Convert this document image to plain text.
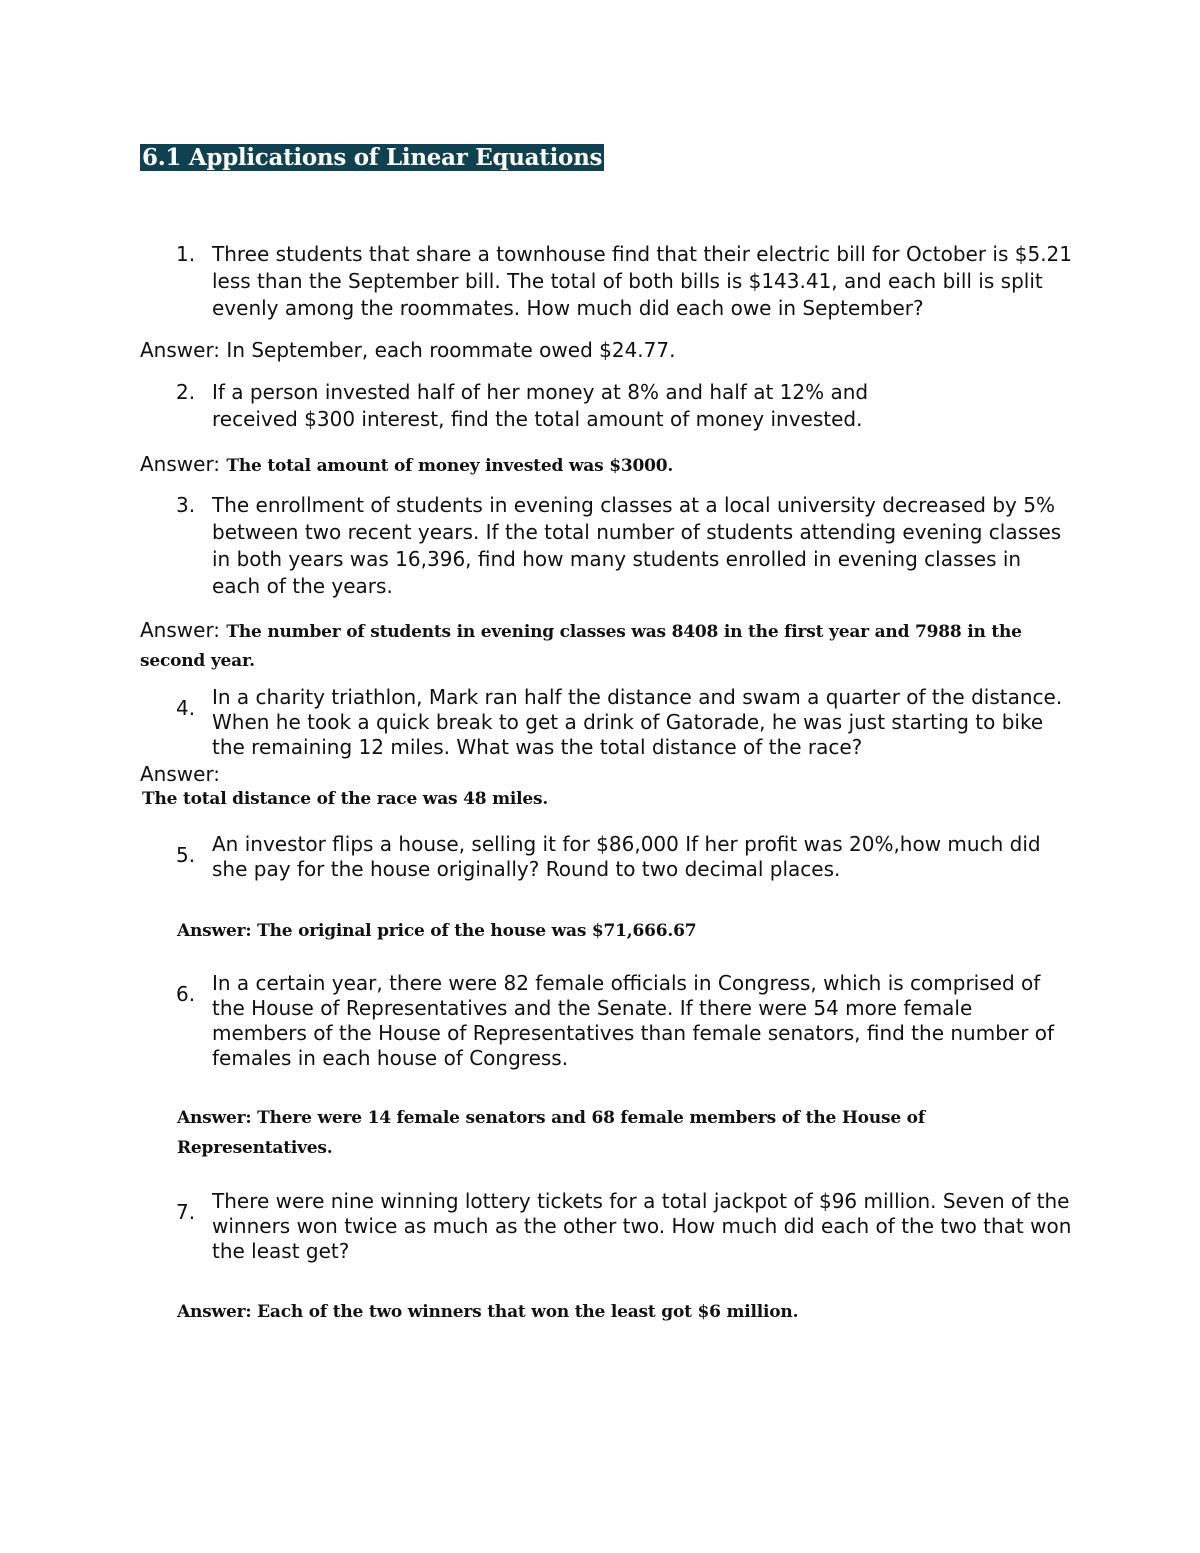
6.1 Applications of Linear Equations
1. Three students that share a townhouse find that their electric bill for October is $5.21 less than the September bill. The total of both bills is $143.41, and each bill is split evenly among the roommates. How much did each owe in September?
Answer: In September, each roommate owed $24.77.
2. If a person invested half of her money at 8% and half at 12% and received $300 interest, find the total amount of money invested.
Answer: The total amount of money invested was $3000.
3. The enrollment of students in evening classes at a local university decreased by 5% between two recent years. If the total number of students attending evening classes in both years was 16,396, find how many students enrolled in evening classes in each of the years.
Answer: The number of students in evening classes was 8408 in the first year and 7988 in the second year.
4. In a charity triathlon, Mark ran half the distance and swam a quarter of the distance. When he took a quick break to get a drink of Gatorade, he was just starting to bike the remaining 12 miles. What was the total distance of the race?
Answer:
The total distance of the race was 48 miles.
5. An investor flips a house, selling it for $86,000 If her profit was 20%,how much did she pay for the house originally? Round to two decimal places.
Answer: The original price of the house was $71,666.67
6. In a certain year, there were 82 female officials in Congress, which is comprised of the House of Representatives and the Senate. If there were 54 more female members of the House of Representatives than female senators, find the number of females in each house of Congress.
Answer: There were 14 female senators and 68 female members of the House of
Representatives.
7. There were nine winning lottery tickets for a total jackpot of $96 million. Seven of the winners won twice as much as the other two. How much did each of the two that won the least get?
Answer: Each of the two winners that won the least got $6 million.
